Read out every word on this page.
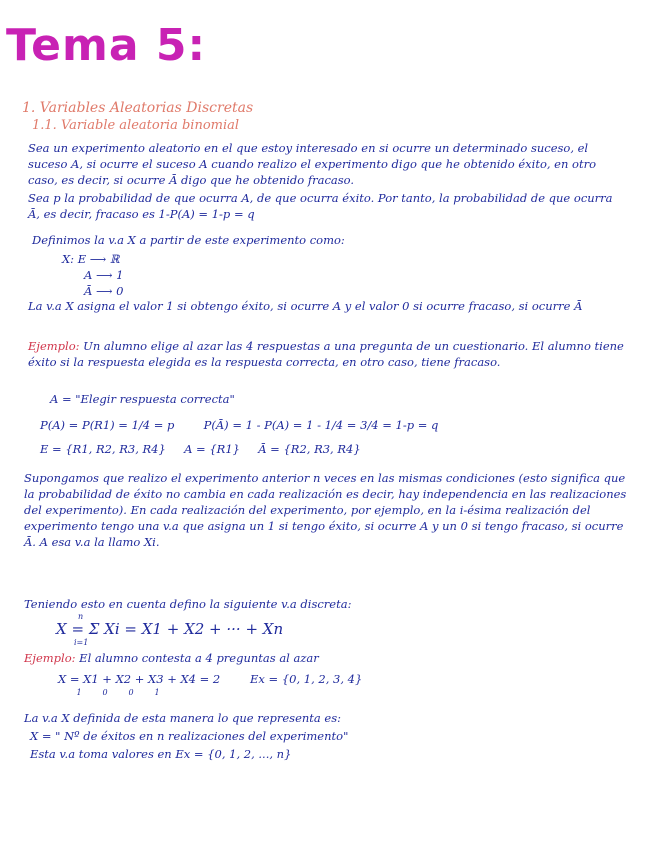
Tema 5:
1. Variables Aleatorias Discretas
1.1. Variable aleatoria binomial
Sea un experimento aleatorio en el que estoy interesado en si ocurre un determinado suceso, el suceso A, si ocurre el suceso A cuando realizo el experimento digo que he obtenido éxito, en otro caso, es decir, si ocurre Ā digo que he obtenido fracaso.
Sea p la probabilidad de que ocurra A, de que ocurra éxito. Por tanto, la probabilidad de que ocurra Ā, es decir, fracaso es 1-P(A) = 1-p = q
Definimos la v.a X a partir de este experimento como:
X: E ⟶ ℝ
A ⟶ 1
Ā ⟶ 0
La v.a X asigna el valor 1 si obtengo éxito, si ocurre A y el valor 0 si ocurre fracaso, si ocurre Ā
Ejemplo: Un alumno elige al azar las 4 respuestas a una pregunta de un cuestionario. El alumno tiene éxito si la respuesta elegida es la respuesta correcta, en otro caso, tiene fracaso.
A = "Elegir respuesta correcta"
P(A) = P(R1) = 1/4 = p        P(Ā) = 1 - P(A) = 1 - 1/4 = 3/4 = 1-p = q
E = {R1, R2, R3, R4}     A = {R1}     Ā = {R2, R3, R4}
Supongamos que realizo el experimento anterior n veces en las mismas condiciones (esto significa que la probabilidad de éxito no cambia en cada realización es decir, hay independencia en las realizaciones del experimento). En cada realización del experimento, por ejemplo, en la i-ésima realización del experimento tengo una v.a que asigna un 1 si tengo éxito, si ocurre A y un 0 si tengo fracaso, si ocurre Ā. A esa v.a la llamo Xi.
Teniendo esto en cuenta defino la siguiente v.a discreta:
n
X = Σ Xi = X1 + X2 + ··· + Xn
i=1
Ejemplo: El alumno contesta a 4 preguntas al azar
X = X1 + X2 + X3 + X4 = 2	Ex = {0, 1, 2, 3, 4}
1	0	0	1
La v.a X definida de esta manera lo que representa es:
X = " Nº de éxitos en n realizaciones del experimento"
Esta v.a toma valores en Ex = {0, 1, 2, ..., n}
